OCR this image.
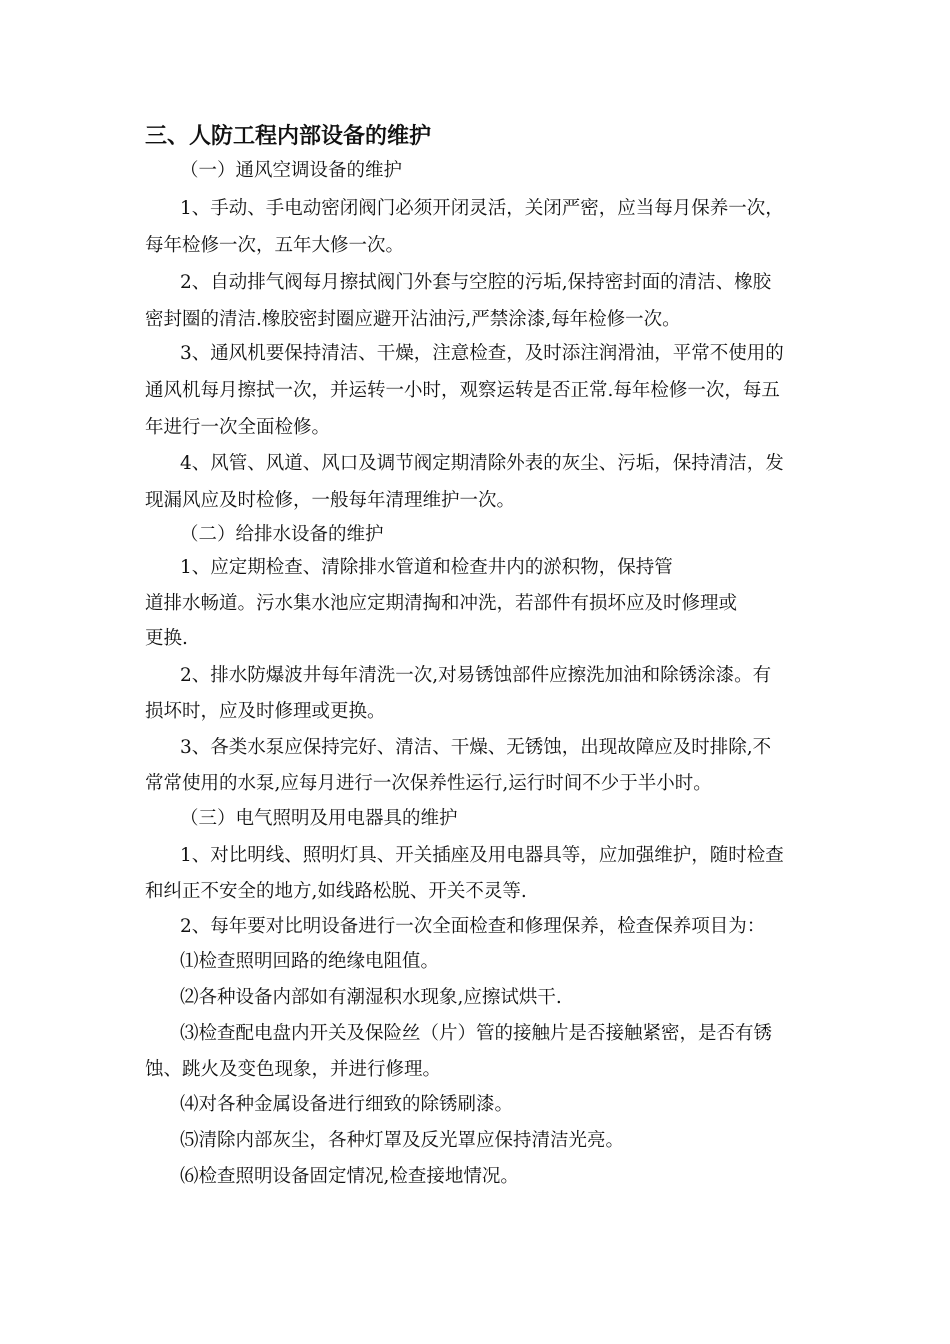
三、人防工程内部设备的维护
（一）通风空调设备的维护
1、手动、手电动密闭阀门必须开闭灵活，关闭严密，应当每月保养一次，
每年检修一次，五年大修一次。
2、自动排气阀每月擦拭阀门外套与空腔的污垢,保持密封面的清洁、橡胶
密封圈的清洁.橡胶密封圈应避开沾油污,严禁涂漆,每年检修一次。
3、通风机要保持清洁、干燥，注意检查，及时添注润滑油，平常不使用的
通风机每月擦拭一次，并运转一小时，观察运转是否正常.每年检修一次，每五
年进行一次全面检修。
4、风管、风道、风口及调节阀定期清除外表的灰尘、污垢，保持清洁，发
现漏风应及时检修，一般每年清理维护一次。
（二）给排水设备的维护
1、应定期检查、清除排水管道和检查井内的淤积物，保持管
道排水畅道。污水集水池应定期清掏和冲洗，若部件有损坏应及时修理或
更换.
2、排水防爆波井每年清洗一次,对易锈蚀部件应擦洗加油和除锈涂漆。有
损坏时，应及时修理或更换。
3、各类水泵应保持完好、清洁、干燥、无锈蚀，出现故障应及时排除,不
常常使用的水泵,应每月进行一次保养性运行,运行时间不少于半小时。
（三）电气照明及用电器具的维护
1、对比明线、照明灯具、开关插座及用电器具等，应加强维护，随时检查
和纠正不安全的地方,如线路松脱、开关不灵等.
2、每年要对比明设备进行一次全面检查和修理保养，检查保养项目为：
⑴检查照明回路的绝缘电阻值。
⑵各种设备内部如有潮湿积水现象,应擦试烘干.
⑶检查配电盘内开关及保险丝（片）管的接触片是否接触紧密，是否有锈
蚀、跳火及变色现象，并进行修理。
⑷对各种金属设备进行细致的除锈刷漆。
⑸清除内部灰尘，各种灯罩及反光罩应保持清洁光亮。
⑹检查照明设备固定情况,检查接地情况。
